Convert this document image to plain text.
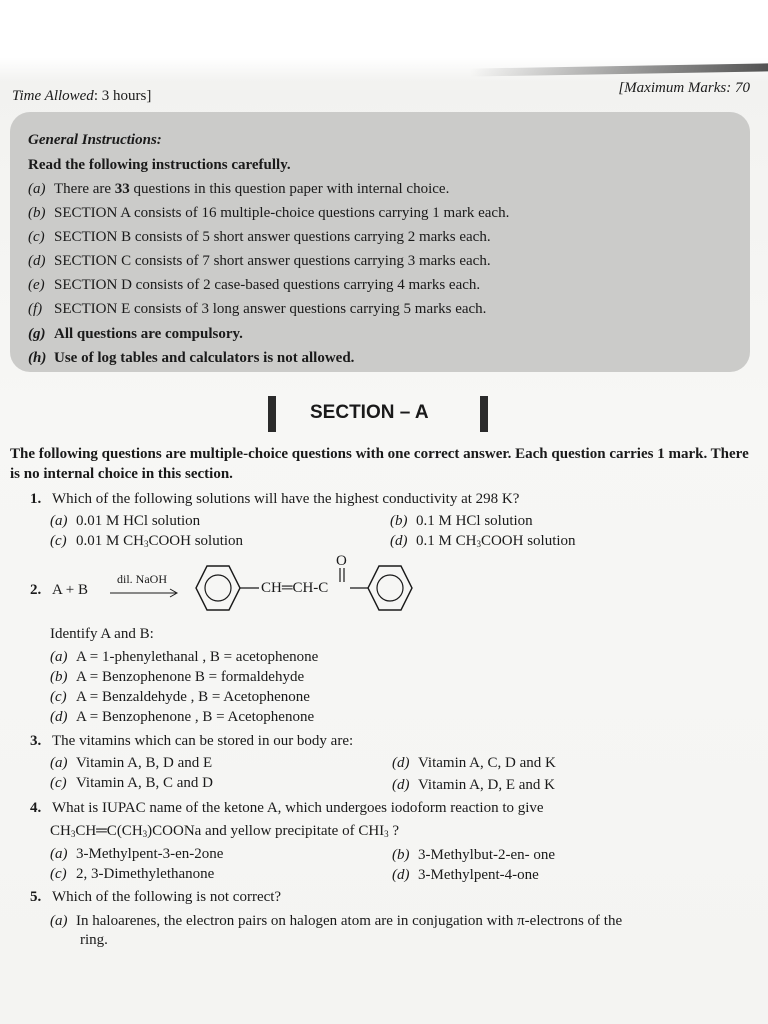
Time Allowed: 3 hours]	[Maximum Marks: 70
General Instructions:
Read the following instructions carefully.
(a) There are 33 questions in this question paper with internal choice.
(b) SECTION A consists of 16 multiple-choice questions carrying 1 mark each.
(c) SECTION B consists of 5 short answer questions carrying 2 marks each.
(d) SECTION C consists of 7 short answer questions carrying 3 marks each.
(e) SECTION D consists of 2 case-based questions carrying 4 marks each.
(f) SECTION E consists of 3 long answer questions carrying 5 marks each.
(g) All questions are compulsory.
(h) Use of log tables and calculators is not allowed.
SECTION – A
The following questions are multiple-choice questions with one correct answer. Each question carries 1 mark. There is no internal choice in this section.
1. Which of the following solutions will have the highest conductivity at 298 K?
(a) 0.01 M HCl solution	(b) 0.1 M HCl solution
(c) 0.01 M $CH_3COOH$ solution	(d) 0.1 M $CH_3COOH$ solution
2. A + B
dil. NaOH
CH═CH-C
O
Identify A and B:
(a) A = 1-phenylethanal , B = acetophenone
(b) A = Benzophenone B = formaldehyde
(c) A = Benzaldehyde , B = Acetophenone
(d) A = Benzophenone , B = Acetophenone
3. The vitamins which can be stored in our body are:
(a) Vitamin A, B, D and E	(d) Vitamin A, C, D and K
(c) Vitamin A, B, C and D	(d) Vitamin A, D, E and K
4. What is IUPAC name of the ketone A, which undergoes iodoform reaction to give
$CH_3CH═C(CH_3)COONa$ and yellow precipitate of $CHI_3$ ?
(a) 3-Methylpent-3-en-2one	(b) 3-Methylbut-2-en- one
(c) 2, 3-Dimethylethanone	(d) 3-Methylpent-4-one
5. Which of the following is not correct?
(a) In haloarenes, the electron pairs on halogen atom are in conjugation with π-electrons of the
ring.
